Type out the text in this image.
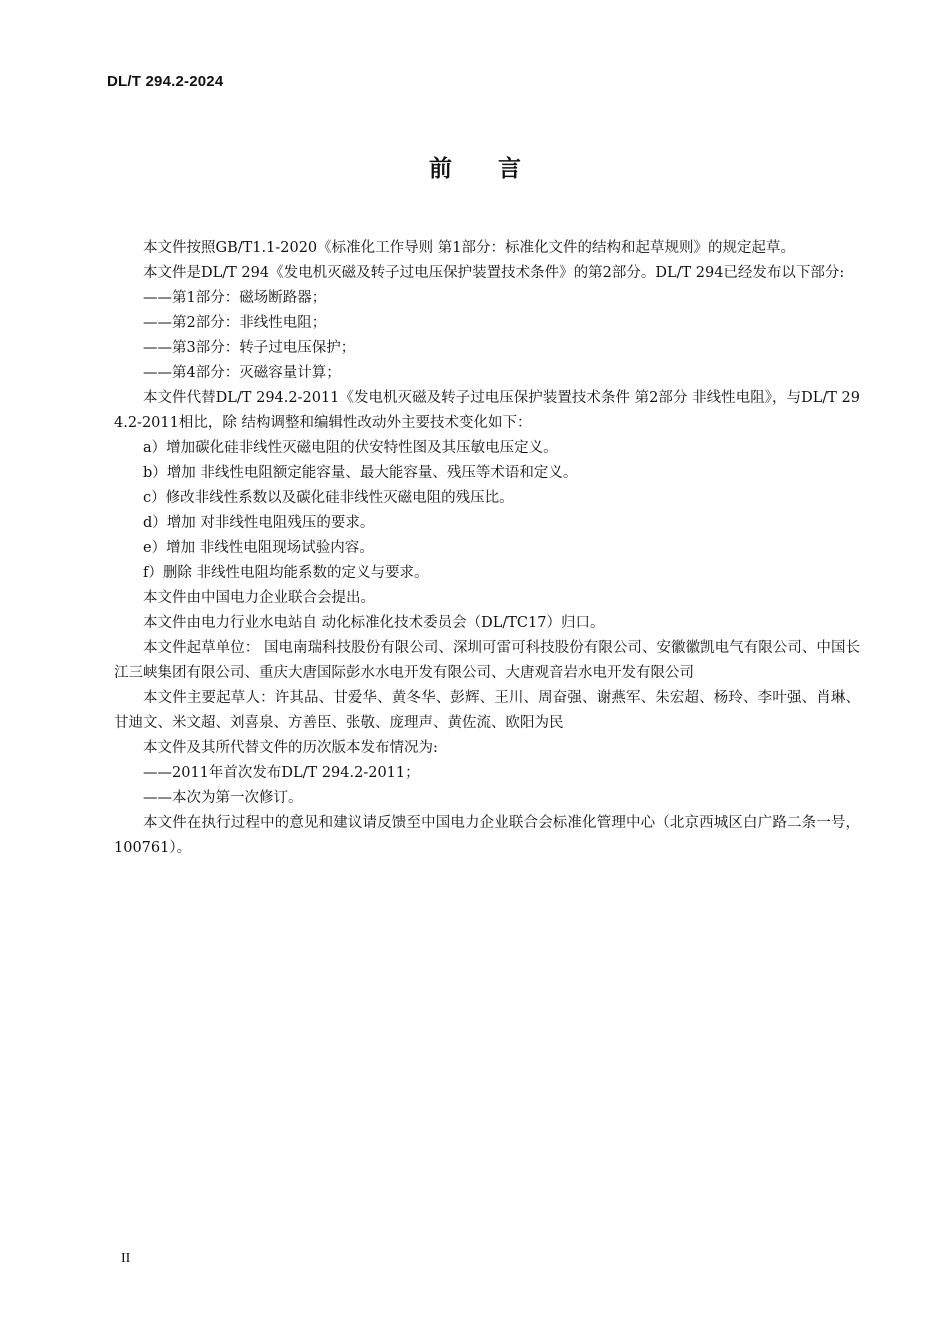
DL/T 294.2-2024
前 言

本文件按照GB/T1.1-2020《标准化工作导则 第1部分：标准化文件的结构和起草规则》的规定起草。

本文件是DL/T 294《发电机灭磁及转子过电压保护装置技术条件》的第2部分。DL/T 294已经发布以下部分:

——第1部分：磁场断路器；

——第2部分：非线性电阻；

——第3部分：转子过电压保护；

——第4部分：灭磁容量计算；

本文件代替DL/T 294.2-2011《发电机灭磁及转子过电压保护装置技术条件 第2部分 非线性电阻》，与DL/T 294.2-2011相比，除 结构调整和编辑性改动外主要技术变化如下：

a）增加碳化硅非线性灭磁电阻的伏安特性图及其压敏电压定义。

b）增加 非线性电阻额定能容量、最大能容量、残压等术语和定义。

c）修改非线性系数以及碳化硅非线性灭磁电阻的残压比。

d）增加 对非线性电阻残压的要求。

e）增加 非线性电阻现场试验内容。

f）删除 非线性电阻均能系数的定义与要求。

本文件由中国电力企业联合会提出。

本文件由电力行业水电站自 动化标准化技术委员会（DL/TC17）归口。

本文件起草单位： 国电南瑞科技股份有限公司、深圳可雷可科技股份有限公司、安徽徽凯电气有限公司、中国长江三峡集团有限公司、重庆大唐国际彭水水电开发有限公司、大唐观音岩水电开发有限公司

本文件主要起草人：许其品、甘爱华、黄冬华、彭辉、王川、周奋强、谢燕军、朱宏超、杨玲、李叶强、肖琳、甘迪文、米文超、刘喜泉、方善臣、张敬、庞理声、黄佐流、欧阳为民

本文件及其所代替文件的历次版本发布情况为:

——2011年首次发布DL/T 294.2-2011；

——本次为第一次修订。

本文件在执行过程中的意见和建议请反馈至中国电力企业联合会标准化管理中心（北京西城区白广路二条一号，100761）。

II
